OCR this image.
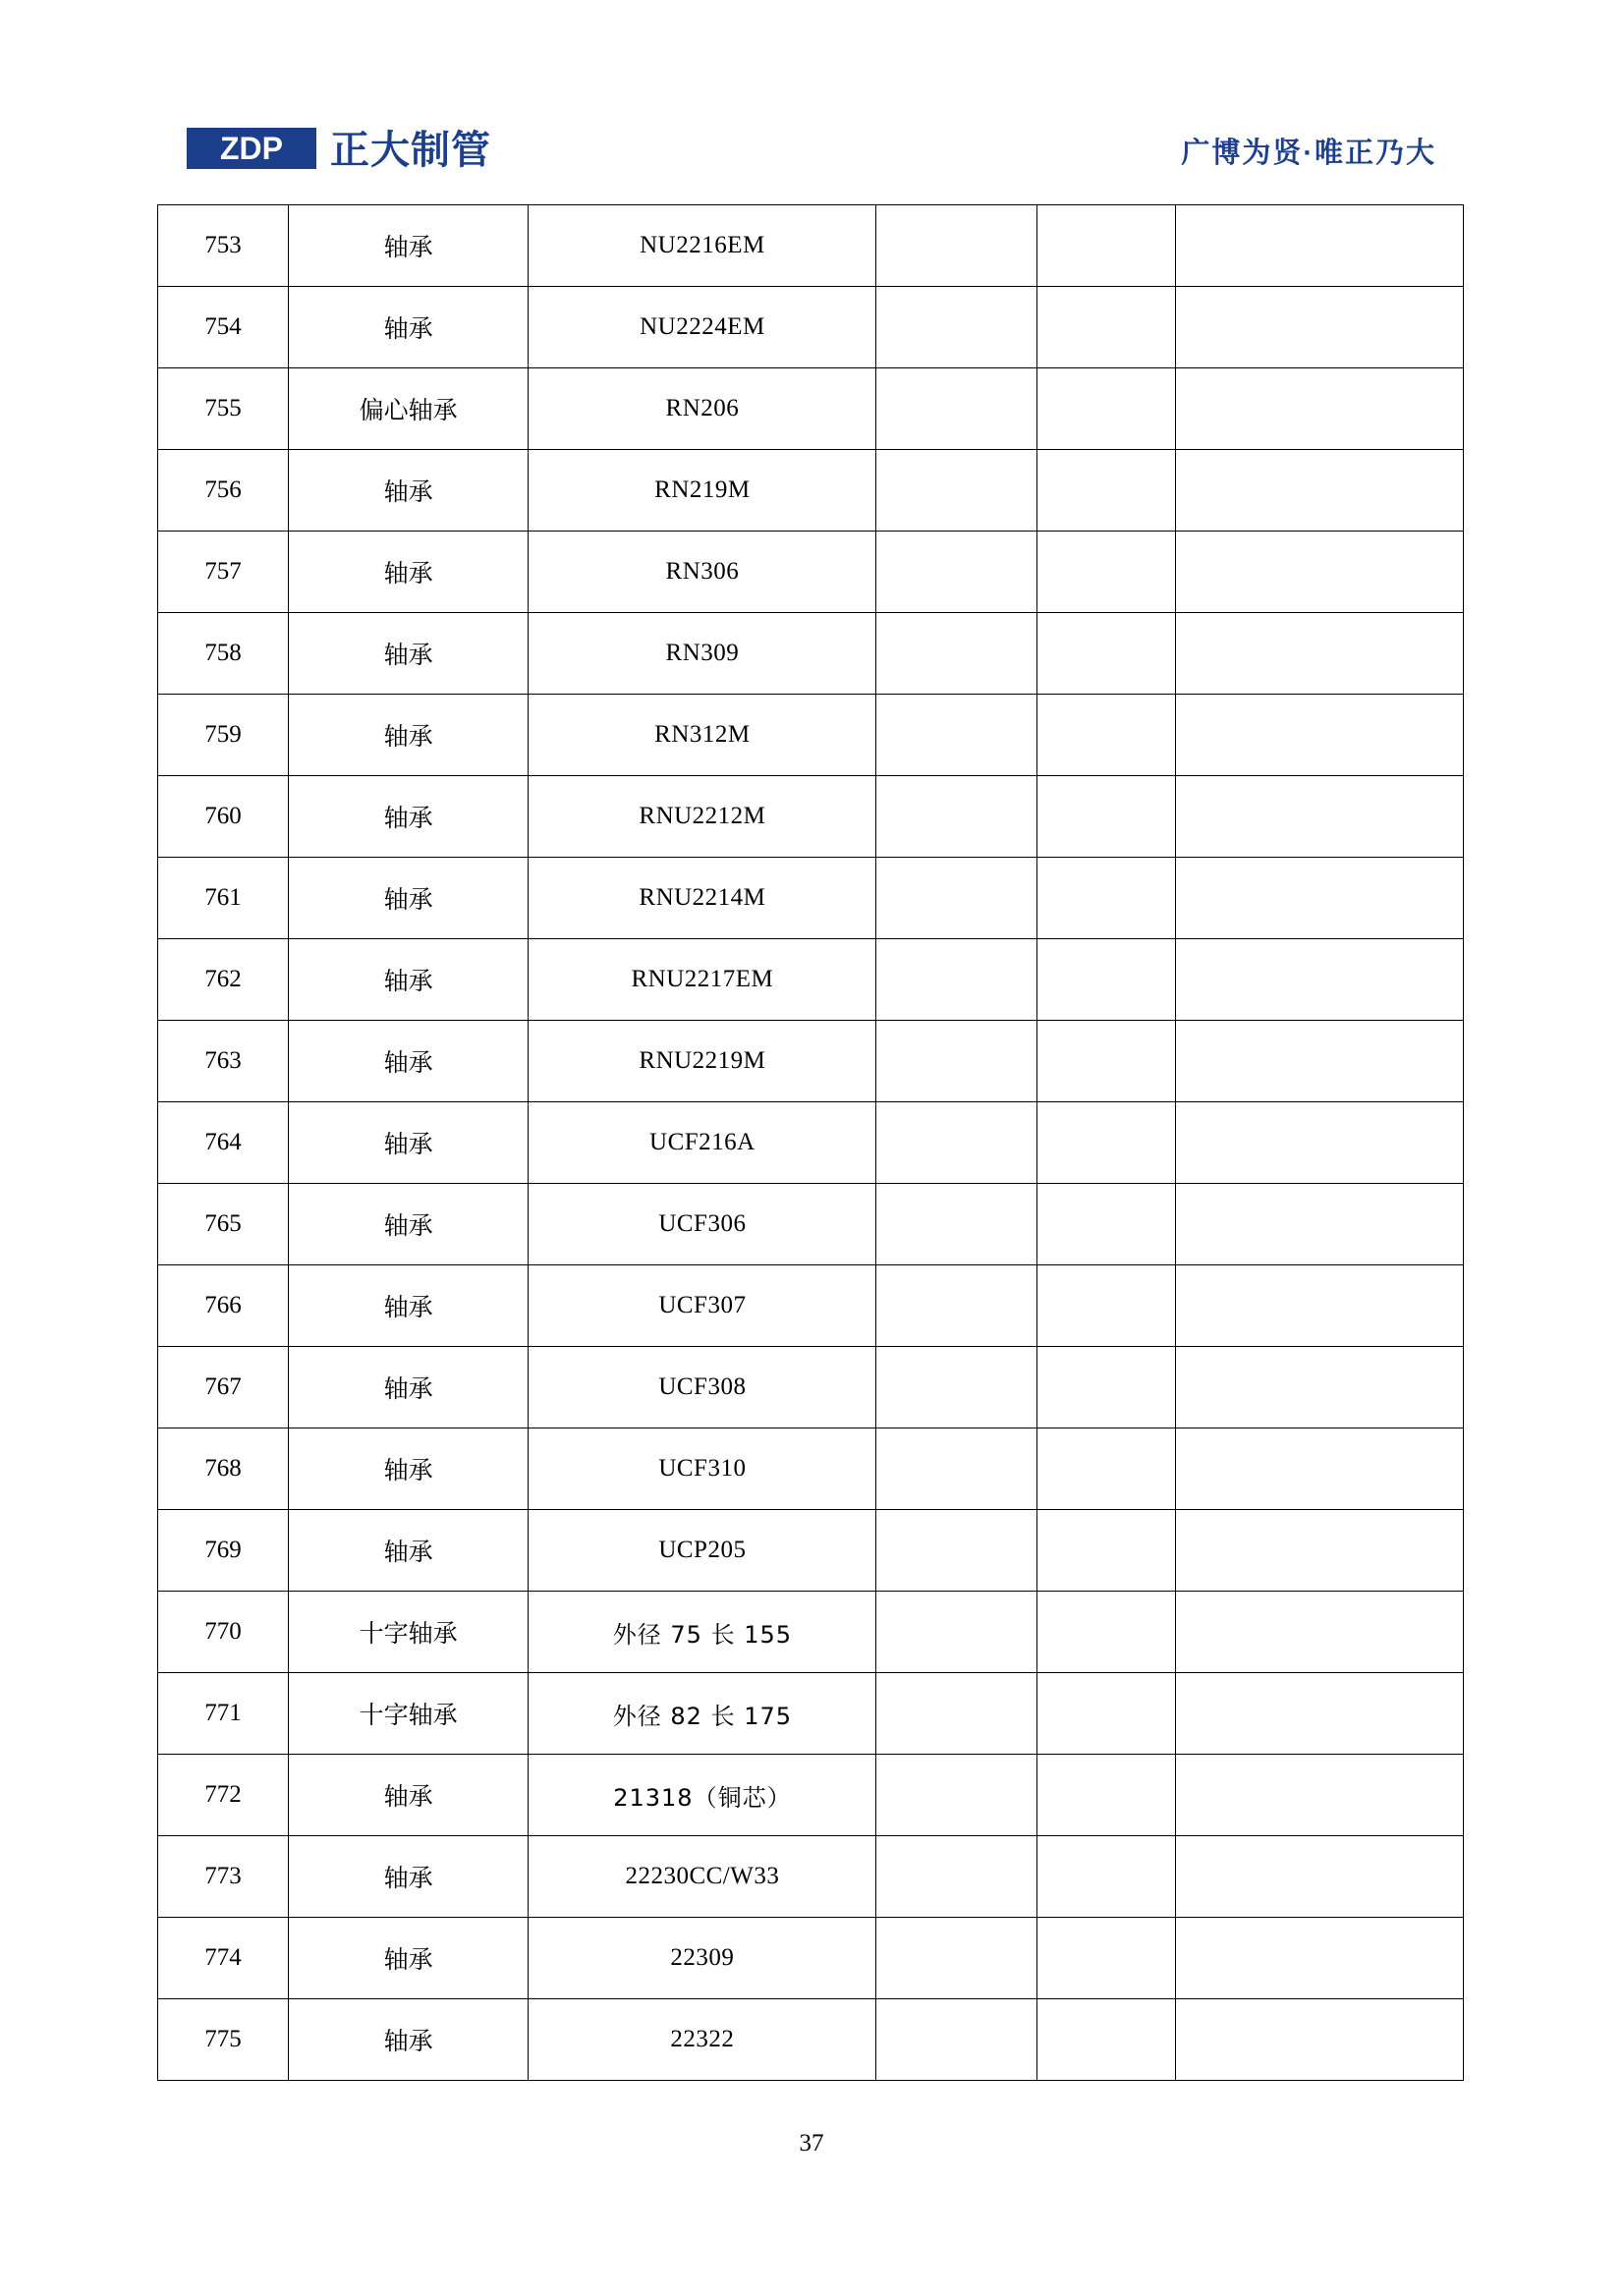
ZDP 正大制管	广博为贤·唯正乃大
753	轴承	NU2216EM			
754	轴承	NU2224EM			
755	偏心轴承	RN206			
756	轴承	RN219M			
757	轴承	RN306			
758	轴承	RN309			
759	轴承	RN312M			
760	轴承	RNU2212M			
761	轴承	RNU2214M			
762	轴承	RNU2217EM			
763	轴承	RNU2219M			
764	轴承	UCF216A			
765	轴承	UCF306			
766	轴承	UCF307			
767	轴承	UCF308			
768	轴承	UCF310			
769	轴承	UCP205			
770	十字轴承	外径 75 长 155			
771	十字轴承	外径 82 长 175			
772	轴承	21318（铜芯）			
773	轴承	22230CC/W33			
774	轴承	22309			
775	轴承	22322			
37
